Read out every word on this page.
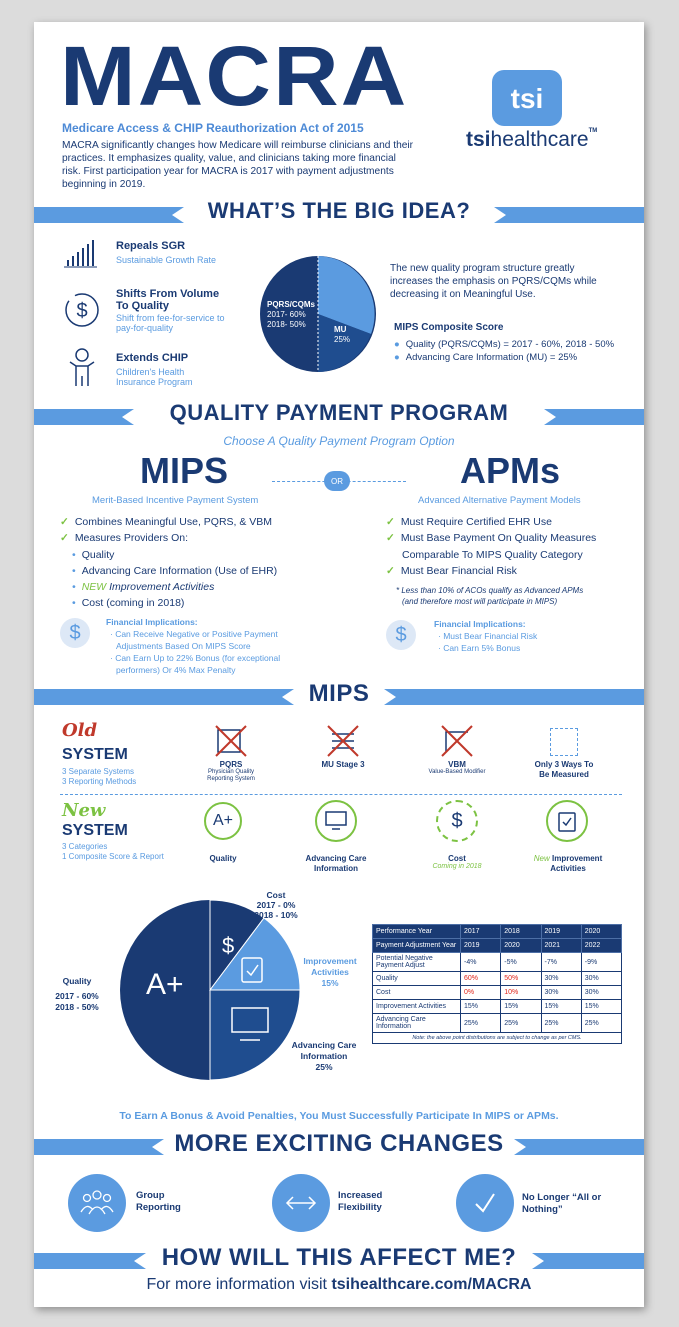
MACRA
Medicare Access & CHIP Reauthorization Act of 2015
MACRA significantly changes how Medicare will reimburse clinicians and their practices. It emphasizes quality, value, and clinicians taking more financial risk. First participation year for MACRA is 2017 with payment adjustments beginning in 2019.
tsi
tsihealthcare™
WHAT’S THE BIG IDEA?
Repeals SGR
Sustainable Growth Rate
$
Shifts From Volume To Quality
Shift from fee-for-service to pay-for-quality
Extends CHIP
Children's Health Insurance Program
PQRS/CQMs
2017- 60%
2018- 50%
MU
25%
The new quality program structure greatly increases the emphasis on PQRS/CQMs while decreasing it on Meaningful Use.
MIPS Composite Score
● Quality (PQRS/CQMs) = 2017 - 60%, 2018 - 50%
● Advancing Care Information (MU) = 25%
QUALITY PAYMENT PROGRAM
Choose A Quality Payment Program Option
MIPS
Merit-Based Incentive Payment System
OR	APMs
Advanced Alternative Payment Models
✓ Combines Meaningful Use, PQRS, & VBM
✓ Measures Providers On:
• Quality
• Advancing Care Information (Use of EHR)
• NEW Improvement Activities
• Cost (coming in 2018)
$	Financial Implications:
· Can Receive Negative or Positive Payment
Adjustments Based On MIPS Score
· Can Earn Up to 22% Bonus (for exceptional
performers) Or 4% Max Penalty
✓ Must Require Certified EHR Use
✓ Must Base Payment On Quality Measures
Comparable To MIPS Quality Category
✓ Must Bear Financial Risk
* Less than 10% of ACOs qualify as Advanced APMs
(and therefore most will participate in MIPS)
$	Financial Implications:
· Must Bear Financial Risk
· Can Earn 5% Bonus
MIPS
Old
SYSTEM
3 Separate Systems
3 Reporting Methods
PQRS
Physician Quality Reporting System
MU Stage 3	VBM
Value-Based Modifier
Only 3 Ways To Be Measured
New
SYSTEM
3 Categories
1 Composite Score & Report
A+
Quality	Advancing Care Information
$
Cost
Coming in 2018
New Improvement Activities
$
A+
Cost
2017 - 0%
2018 - 10%
Improvement Activities
15%
Advancing Care Information
25%
Quality
2017 - 60%
2018 - 50%
Performance Year	2017	2018	2019	2020
Payment Adjustment Year	2019	2020	2021	2022
Potential Negative Payment Adjust	-4%	-5%	-7%	-9%
Quality	60%	50%	30%	30%
Cost	0%	10%	30%	30%
Improvement Activities	15%	15%	15%	15%
Advancing Care Information	25%	25%	25%	25%
Note: the above point distributions are subject to change as per CMS.
To Earn A Bonus & Avoid Penalties, You Must Successfully Participate In MIPS or APMs.
MORE EXCITING CHANGES
Group Reporting
Increased Flexibility
No Longer “All or Nothing”
HOW WILL THIS AFFECT ME?
For more information visit tsihealthcare.com/MACRA
